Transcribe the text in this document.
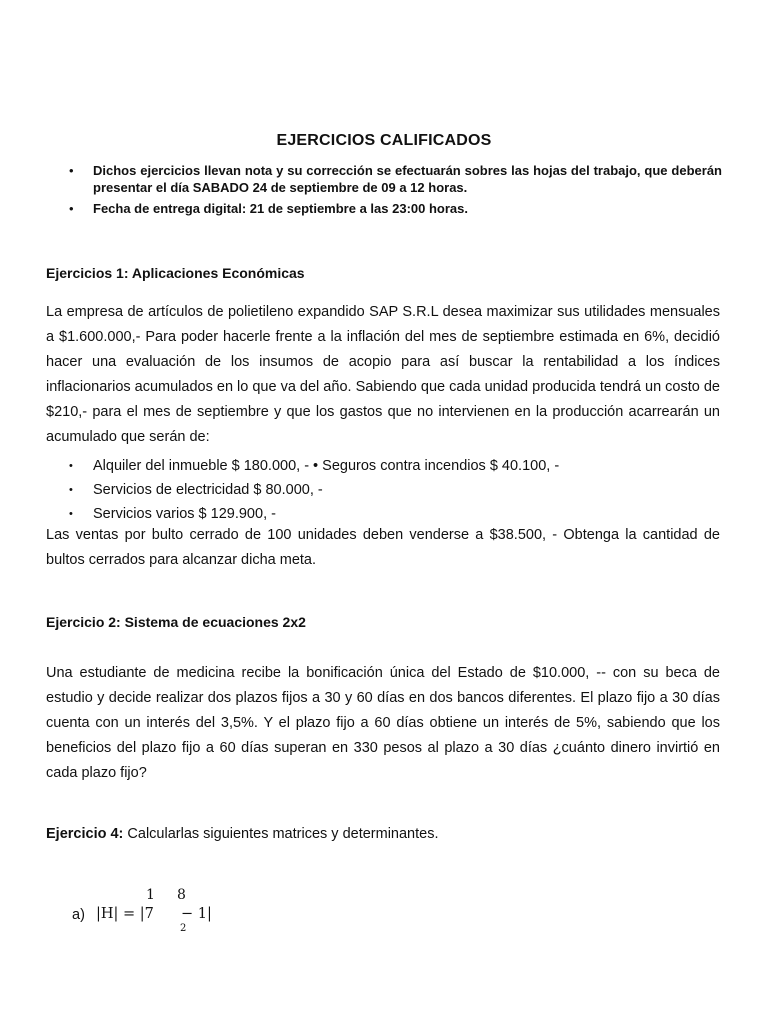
EJERCICIOS CALIFICADOS
• Dichos ejercicios llevan nota y su corrección se efectuarán sobres las hojas del trabajo, que deberán presentar el día SABADO 24 de septiembre de 09 a 12 horas.
• Fecha de entrega digital: 21 de septiembre a las 23:00 horas.
Ejercicios 1: Aplicaciones Económicas
La empresa de artículos de polietileno expandido SAP S.R.L desea maximizar sus utilidades mensuales a $1.600.000,- Para poder hacerle frente a la inflación del mes de septiembre estimada en 6%, decidió hacer una evaluación de los insumos de acopio para así buscar la rentabilidad a los índices inflacionarios acumulados en lo que va del año. Sabiendo que cada unidad producida tendrá un costo de $210,- para el mes de septiembre y que los gastos que no intervienen en la producción acarrearán un acumulado que serán de:
• Alquiler del inmueble $ 180.000, - • Seguros contra incendios $ 40.100, -
• Servicios de electricidad $ 80.000, -
• Servicios varios $ 129.900, -
Las ventas por bulto cerrado de 100 unidades deben venderse a $38.500, - Obtenga la cantidad de bultos cerrados para alcanzar dicha meta.
Ejercicio 2: Sistema de ecuaciones 2x2
Una estudiante de medicina recibe la bonificación única del Estado de $10.000, -- con su beca de estudio y decide realizar dos plazos fijos a 30 y 60 días en dos bancos diferentes. El plazo fijo a 30 días cuenta con un interés del 3,5%. Y el plazo fijo a 60 días obtiene un interés de 5%, sabiendo que los beneficios del plazo fijo a 60 días superan en 330 pesos al plazo a 30 días ¿cuánto dinero invirtió en cada plazo fijo?
Ejercicio 4: Calcularlas siguientes matrices y determinantes.
1 8
a) |H| = |7 − 1|
2
